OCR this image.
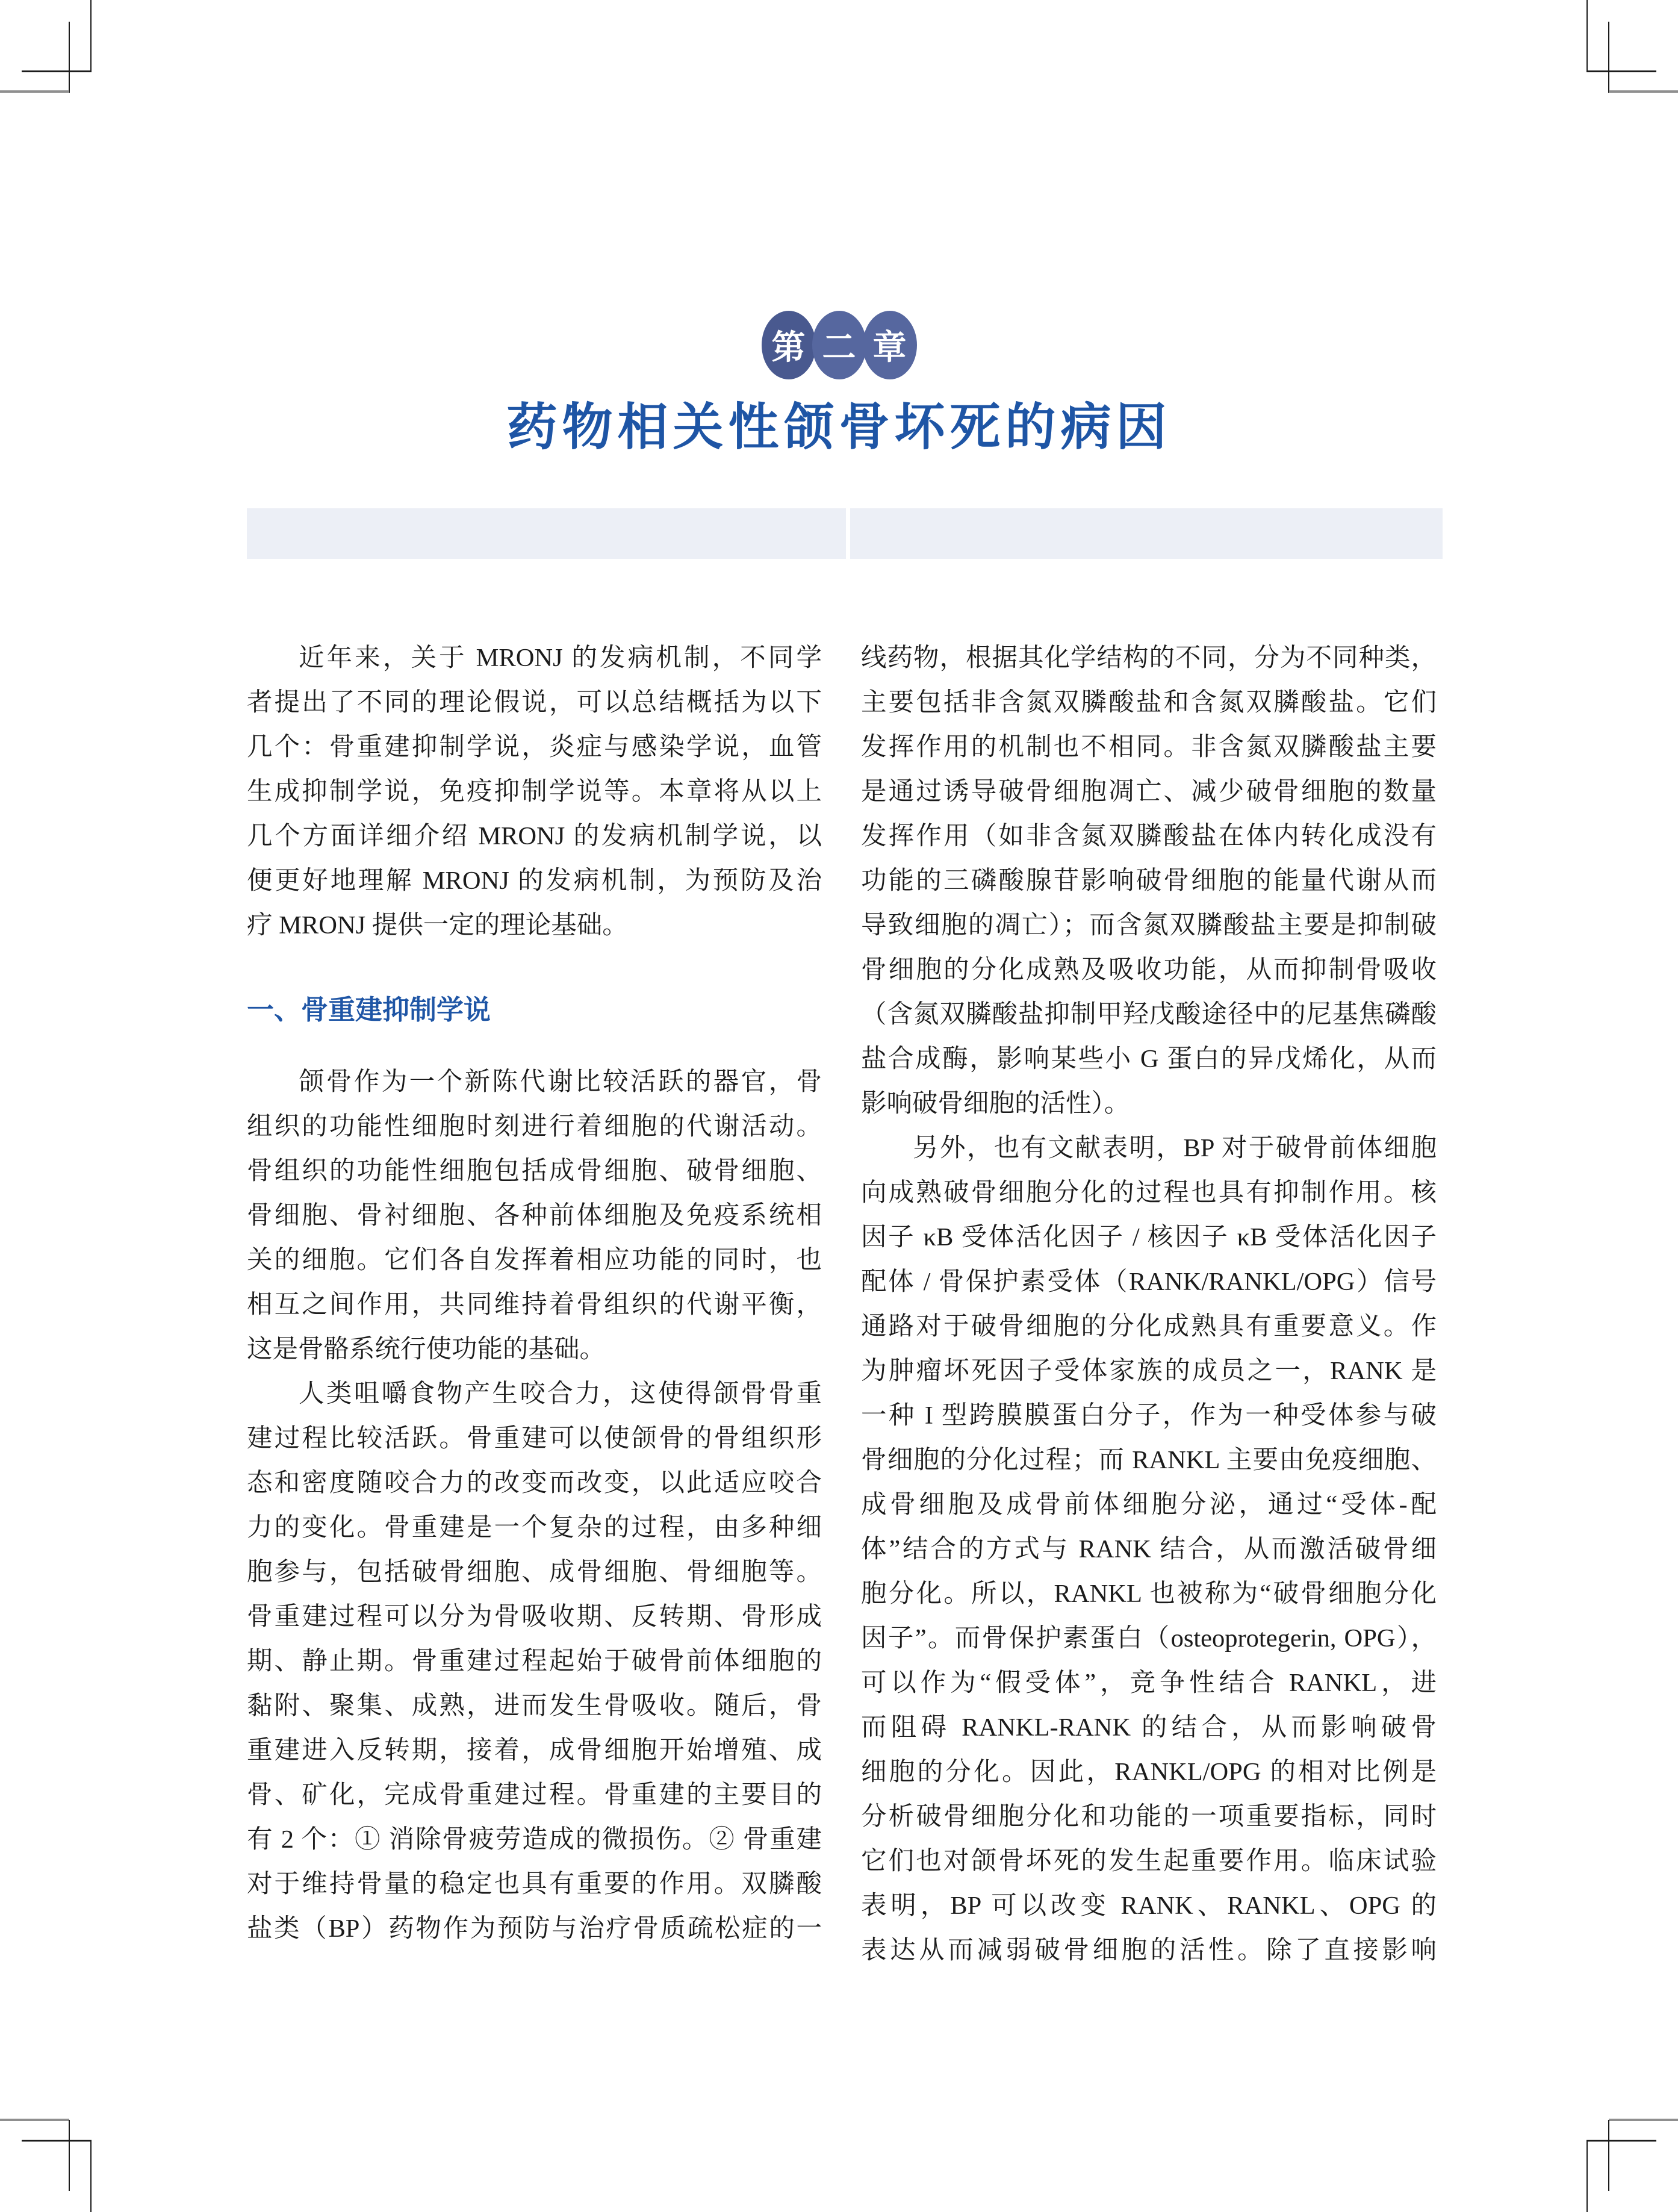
第 二 章
药物相关性颌骨坏死的病因
近年来，关于 MRONJ 的发病机制，不同学
者提出了不同的理论假说，可以总结概括为以下
几个：骨重建抑制学说，炎症与感染学说，血管
生成抑制学说，免疫抑制学说等。本章将从以上
几个方面详细介绍 MRONJ 的发病机制学说，以
便更好地理解 MRONJ 的发病机制，为预防及治
疗 MRONJ 提供一定的理论基础。
一、骨重建抑制学说
颌骨作为一个新陈代谢比较活跃的器官，骨
组织的功能性细胞时刻进行着细胞的代谢活动。
骨组织的功能性细胞包括成骨细胞、破骨细胞、
骨细胞、骨衬细胞、各种前体细胞及免疫系统相
关的细胞。它们各自发挥着相应功能的同时，也
相互之间作用，共同维持着骨组织的代谢平衡，
这是骨骼系统行使功能的基础。
人类咀嚼食物产生咬合力，这使得颌骨骨重
建过程比较活跃。骨重建可以使颌骨的骨组织形
态和密度随咬合力的改变而改变，以此适应咬合
力的变化。骨重建是一个复杂的过程，由多种细
胞参与，包括破骨细胞、成骨细胞、骨细胞等。
骨重建过程可以分为骨吸收期、反转期、骨形成
期、静止期。骨重建过程起始于破骨前体细胞的
黏附、聚集、成熟，进而发生骨吸收。随后，骨
重建进入反转期，接着，成骨细胞开始增殖、成
骨、矿化，完成骨重建过程。骨重建的主要目的
有 2 个：① 消除骨疲劳造成的微损伤。② 骨重建
对于维持骨量的稳定也具有重要的作用。双膦酸
盐类（BP）药物作为预防与治疗骨质疏松症的一
线药物，根据其化学结构的不同，分为不同种类，
主要包括非含氮双膦酸盐和含氮双膦酸盐。它们
发挥作用的机制也不相同。非含氮双膦酸盐主要
是通过诱导破骨细胞凋亡、减少破骨细胞的数量
发挥作用（如非含氮双膦酸盐在体内转化成没有
功能的三磷酸腺苷影响破骨细胞的能量代谢从而
导致细胞的凋亡）；而含氮双膦酸盐主要是抑制破
骨细胞的分化成熟及吸收功能，从而抑制骨吸收
（含氮双膦酸盐抑制甲羟戊酸途径中的尼基焦磷酸
盐合成酶，影响某些小 G 蛋白的异戊烯化，从而
影响破骨细胞的活性）。
另外，也有文献表明，BP 对于破骨前体细胞
向成熟破骨细胞分化的过程也具有抑制作用。核
因子 κB 受体活化因子 / 核因子 κB 受体活化因子
配体 / 骨保护素受体（RANK/RANKL/OPG）信号
通路对于破骨细胞的分化成熟具有重要意义。作
为肿瘤坏死因子受体家族的成员之一，RANK 是
一种 I 型跨膜膜蛋白分子，作为一种受体参与破
骨细胞的分化过程；而 RANKL 主要由免疫细胞、
成骨细胞及成骨前体细胞分泌，通过“受体-配
体”结合的方式与 RANK 结合，从而激活破骨细
胞分化。所以，RANKL 也被称为“破骨细胞分化
因子”。而骨保护素蛋白（osteoprotegerin, OPG），
可以作为“假受体”，竞争性结合 RANKL，进
而阻碍 RANKL-RANK 的结合，从而影响破骨
细胞的分化。因此，RANKL/OPG 的相对比例是
分析破骨细胞分化和功能的一项重要指标，同时
它们也对颌骨坏死的发生起重要作用。临床试验
表明，BP 可以改变 RANK、RANKL、OPG 的
表达从而减弱破骨细胞的活性。除了直接影响
